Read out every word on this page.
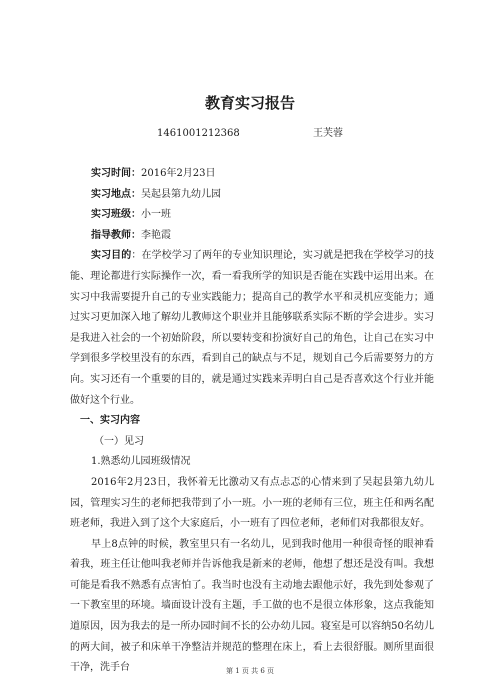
教育实习报告
1461001212368	王芙蓉

实习时间：2016年2月23日

实习地点：吴起县第九幼儿园

实习班级：小一班

指导教师：李艳霞

实习目的：在学校学习了两年的专业知识理论，实习就是把我在学校学习的技能、理论都进行实际操作一次，看一看我所学的知识是否能在实践中运用出来。在实习中我需要提升自己的专业实践能力；提高自己的教学水平和灵机应变能力；通过实习更加深入地了解幼儿教师这个职业并且能够联系实际不断的学会进步。实习是我进入社会的一个初始阶段，所以要转变和扮演好自己的角色，让自己在实习中学到很多学校里没有的东西，看到自己的缺点与不足，规划自己今后需要努力的方向。实习还有一个重要的目的，就是通过实践来弄明白自己是否喜欢这个行业并能做好这个行业。

一、实习内容

（一）见习

1.熟悉幼儿园班级情况

2016年2月23日，我怀着无比激动又有点忐忑的心情来到了吴起县第九幼儿园，管理实习生的老师把我带到了小一班。小一班的老师有三位，班主任和两名配班老师，我进入到了这个大家庭后，小一班有了四位老师，老师们对我都很友好。

早上8点钟的时候，教室里只有一名幼儿，见到我时他用一种很奇怪的眼神看着我，班主任让他叫我老师并告诉他我是新来的老师，他想了想还是没有叫。我想可能是看我不熟悉有点害怕了。我当时也没有主动地去跟他示好，我先到处参观了一下教室里的环境。墙面设计没有主题，手工做的也不是很立体形象，这点我能知道原因，因为我去的是一所办园时间不长的公办幼儿园。寝室是可以容纳50名幼儿的两大间，被子和床单干净整洁并规范的整理在床上，看上去很舒服。厕所里面很干净，洗手台	第 1 页 共 6 页
